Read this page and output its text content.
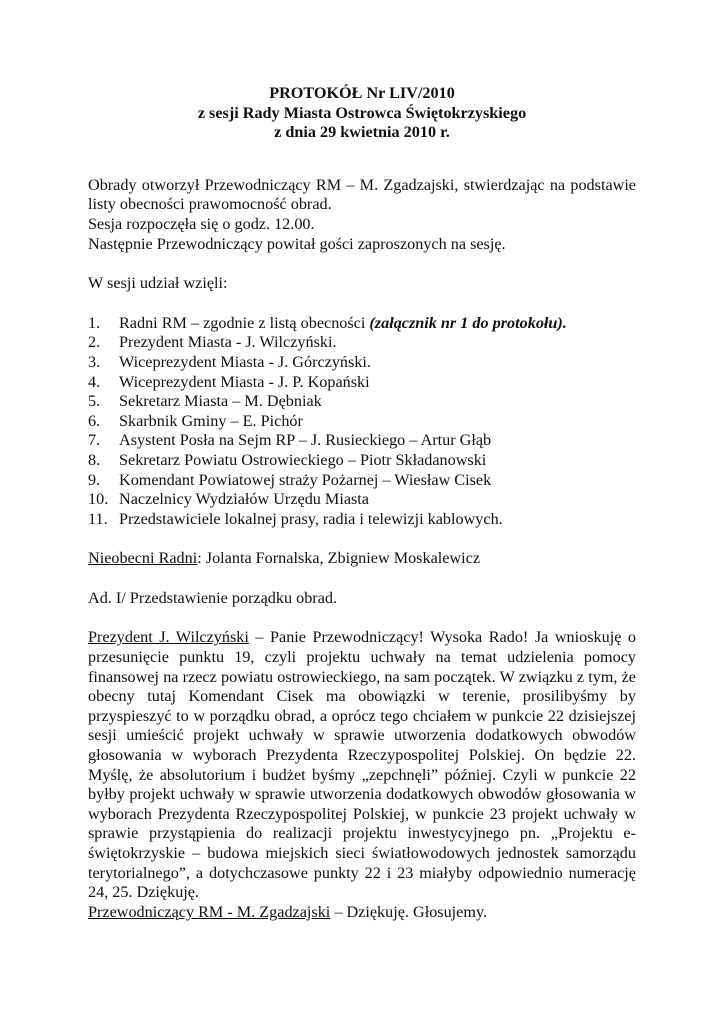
PROTOKÓŁ Nr LIV/2010
z sesji Rady Miasta Ostrowca Świętokrzyskiego
z dnia 29 kwietnia 2010 r.

Obrady otworzył Przewodniczący RM – M. Zgadzajski, stwierdzając na podstawie listy obecności prawomocność obrad.

Sesja rozpoczęła się o godz. 12.00.

Następnie Przewodniczący powitał gości zaproszonych na sesję.

W sesji udział wzięli:

1.	Radni RM – zgodnie z listą obecności (załącznik nr 1 do protokołu).
2.	Prezydent Miasta - J. Wilczyński.
3.	Wiceprezydent Miasta - J. Górczyński.
4.	Wiceprezydent Miasta - J. P. Kopański
5.	Sekretarz Miasta – M. Dębniak
6.	Skarbnik Gminy – E. Pichór
7.	Asystent Posła na Sejm RP – J. Rusieckiego – Artur Głąb
8.	Sekretarz Powiatu Ostrowieckiego – Piotr Składanowski
9.	Komendant Powiatowej straży Pożarnej – Wiesław Cisek
10. Naczelnicy Wydziałów Urzędu Miasta
11. Przedstawiciele lokalnej prasy, radia i telewizji kablowych.

Nieobecni Radni: Jolanta Fornalska, Zbigniew Moskalewicz

Ad. I/ Przedstawienie porządku obrad.

Prezydent J. Wilczyński – Panie Przewodniczący! Wysoka Rado! Ja wnioskuję o przesunięcie punktu 19, czyli projektu uchwały na temat udzielenia pomocy finansowej na rzecz powiatu ostrowieckiego, na sam początek. W związku z tym, że obecny tutaj Komendant Cisek ma obowiązki w terenie, prosilibyśmy by przyspieszyć to w porządku obrad, a oprócz tego chciałem w punkcie 22 dzisiejszej sesji umieścić projekt uchwały w sprawie utworzenia dodatkowych obwodów głosowania w wyborach Prezydenta Rzeczypospolitej Polskiej. On będzie 22. Myślę, że absolutorium i budżet byśmy „zepchnęli” później. Czyli w punkcie 22 byłby projekt uchwały w sprawie utworzenia dodatkowych obwodów głosowania w wyborach Prezydenta Rzeczypospolitej Polskiej, w punkcie 23 projekt uchwały w sprawie przystąpienia do realizacji projektu inwestycyjnego pn. „Projektu e-świętokrzyskie – budowa miejskich sieci światłowodowych jednostek samorządu terytorialnego”, a dotychczasowe punkty 22 i 23 miałyby odpowiednio numerację 24, 25. Dziękuję.

Przewodniczący RM - M. Zgadzajski – Dziękuję. Głosujemy.
